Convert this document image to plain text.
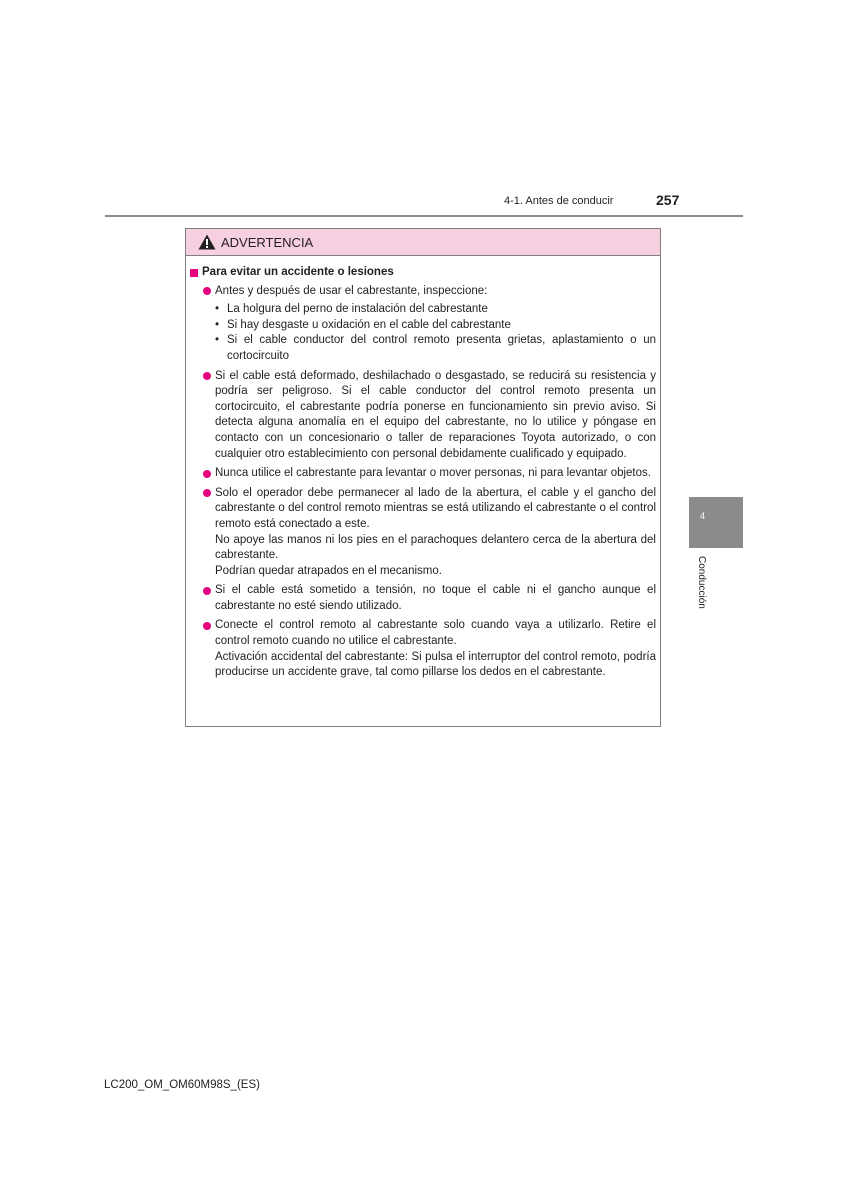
4-1. Antes de conducir	257
4
Conducción
ADVERTENCIA
Para evitar un accidente o lesiones

Antes y después de usar el cabrestante, inspeccione:

• La holgura del perno de instalación del cabrestante
• Si hay desgaste u oxidación en el cable del cabrestante
• Si el cable conductor del control remoto presenta grietas, aplastamiento o un cortocircuito

Si el cable está deformado, deshilachado o desgastado, se reducirá su resistencia y podría ser peligroso. Si el cable conductor del control remoto presenta un cortocircuito, el cabrestante podría ponerse en funcionamiento sin previo aviso. Si detecta alguna anomalía en el equipo del cabrestante, no lo utilice y póngase en contacto con un concesionario o taller de reparaciones Toyota autorizado, o con cualquier otro establecimiento con personal debidamente cualificado y equipado.

Nunca utilice el cabrestante para levantar o mover personas, ni para levantar objetos.

Solo el operador debe permanecer al lado de la abertura, el cable y el gancho del cabrestante o del control remoto mientras se está utilizando el cabrestante o el control remoto está conectado a este.

No apoye las manos ni los pies en el parachoques delantero cerca de la abertura del cabrestante.

Podrían quedar atrapados en el mecanismo.

Si el cable está sometido a tensión, no toque el cable ni el gancho aunque el cabrestante no esté siendo utilizado.

Conecte el control remoto al cabrestante solo cuando vaya a utilizarlo. Retire el control remoto cuando no utilice el cabrestante.

Activación accidental del cabrestante: Si pulsa el interruptor del control remoto, podría producirse un accidente grave, tal como pillarse los dedos en el cabrestante.

LC200_OM_OM60M98S_(ES)
